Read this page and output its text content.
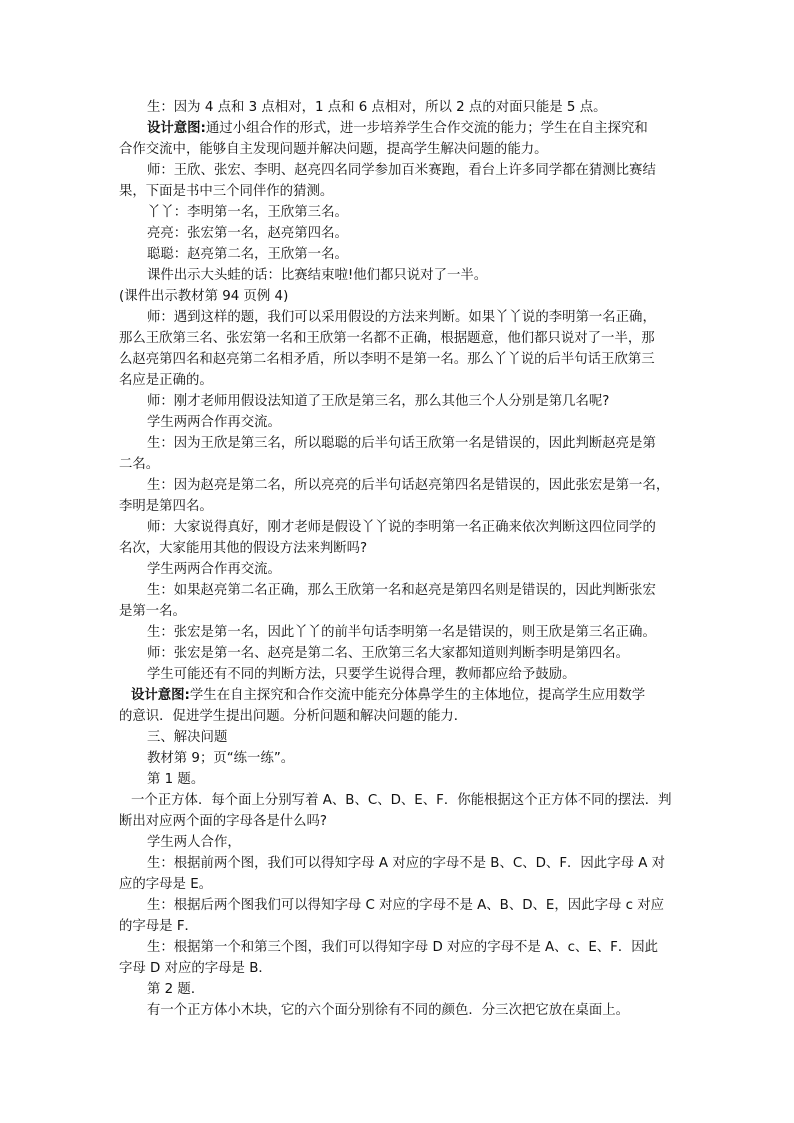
生：因为 4 点和 3 点相对，1 点和 6 点相对，所以 2 点的对面只能是 5 点。
设计意图:通过小组合作的形式，进一步培养学生合作交流的能力；学生在自主探究和
合作交流中，能够自主发现问题并解决问题，提高学生解决问题的能力。
师：王欣、张宏、李明、赵亮四名同学参加百米赛跑，看台上许多同学都在猜测比赛结
果，下面是书中三个同伴作的猜测。
丫丫：李明第一名，王欣第三名。
亮亮：张宏第一名，赵亮第四名。
聪聪：赵亮第二名，王欣第一名。
课件出示大头蛙的话：比赛结束啦!他们都只说对了一半。
(课件出示教材第 94 页例 4)
师：遇到这样的题，我们可以采用假设的方法来判断。如果丫丫说的李明第一名正确，
那么王欣第三名、张宏第一名和王欣第一名都不正确，根据题意，他们都只说对了一半，那
么赵亮第四名和赵亮第二名相矛盾，所以李明不是第一名。那么丫丫说的后半句话王欣第三
名应是正确的。
师：刚才老师用假设法知道了王欣是第三名，那么其他三个人分别是第几名呢?
学生两两合作再交流。
生：因为王欣是第三名，所以聪聪的后半句话王欣第一名是错误的，因此判断赵亮是第
二名。
生：因为赵亮是第二名，所以亮亮的后半句话赵亮第四名是错误的，因此张宏是第一名，
李明是第四名。
师：大家说得真好，刚才老师是假设丫丫说的李明第一名正确来依次判断这四位同学的
名次，大家能用其他的假设方法来判断吗?
学生两两合作再交流。
生：如果赵亮第二名正确，那么王欣第一名和赵亮是第四名则是错误的，因此判断张宏
是第一名。
生：张宏是第一名，因此丫丫的前半句话李明第一名是错误的，则王欣是第三名正确。
师：张宏是第一名、赵亮是第二名、王欣第三名大家都知道则判断李明是第四名。
学生可能还有不同的判断方法，只要学生说得合理，教师都应给予鼓励。
设计意图:学生在自主探究和合作交流中能充分体鼻学生的主体地位，提高学生应用数学
的意识．促进学生提出问题。分析问题和解决问题的能力．
三、解决问题
教材第 9；页“练一练”。
第 1 题。
一个正方体．每个面上分别写着 A、B、C、D、E、F．你能根据这个正方体不同的摆法．判
断出对应两个面的字母各是什么吗?
学生两人合作，
生：根据前两个图，我们可以得知字母 A 对应的字母不是 B、C、D、F．因此字母 A 对
应的字母是 E。
生：根据后两个图我们可以得知字母 C 对应的字母不是 A、B、D、E，因此字母 c 对应
的字母是 F．
生：根据第一个和第三个图，我们可以得知字母 D 对应的字母不是 A、c、E、F．因此
字母 D 对应的字母是 B．
第 2 题．
有一个正方体小木块，它的六个面分别徐有不同的颜色．分三次把它放在桌面上。
